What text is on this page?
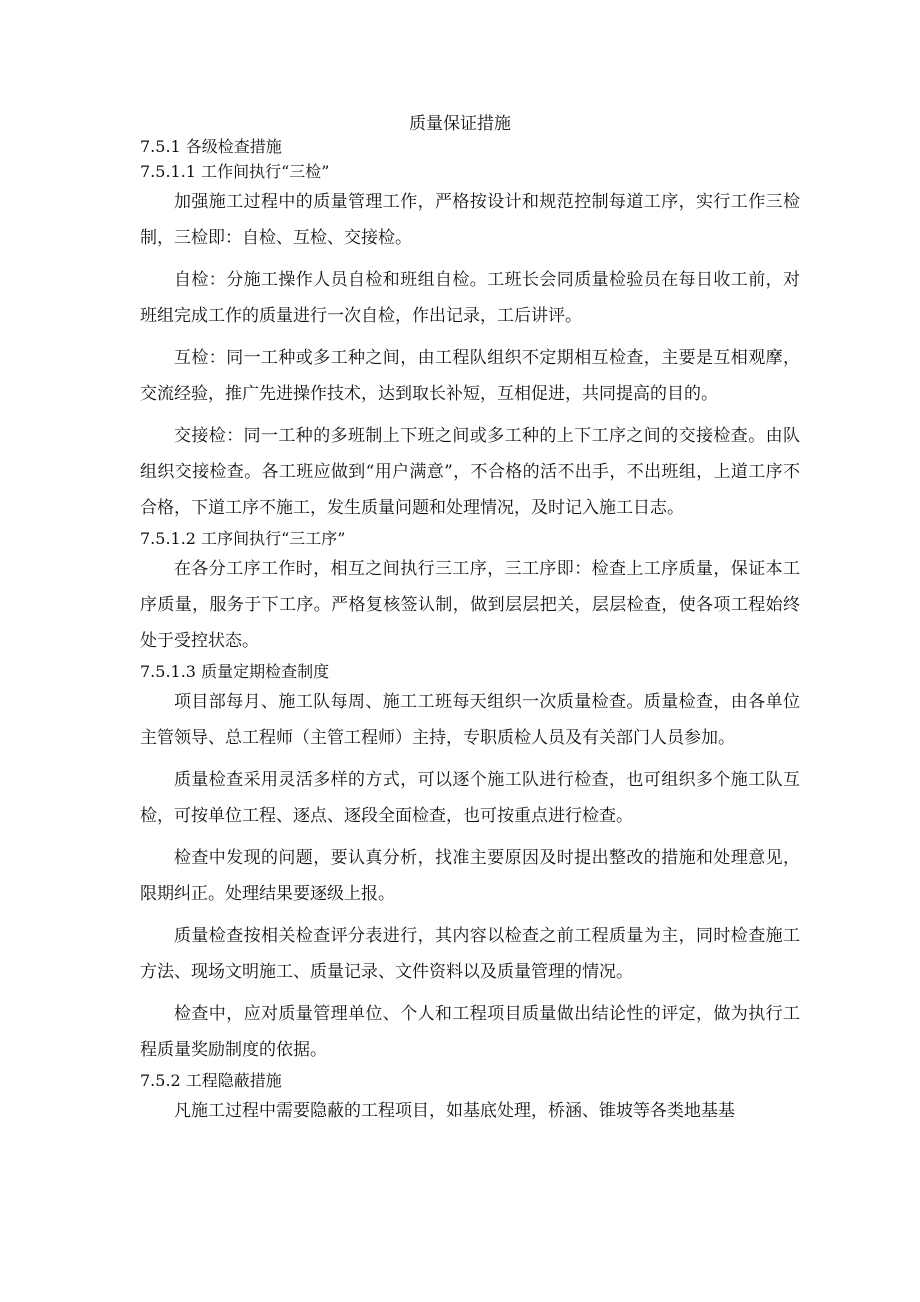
质量保证措施

7.5.1 各级检查措施

7.5.1.1 工作间执行“三检”

加强施工过程中的质量管理工作，严格按设计和规范控制每道工序，实行工作三检制，三检即：自检、互检、交接检。

自检：分施工操作人员自检和班组自检。工班长会同质量检验员在每日收工前，对班组完成工作的质量进行一次自检，作出记录，工后讲评。

互检：同一工种或多工种之间，由工程队组织不定期相互检查，主要是互相观摩，交流经验，推广先进操作技术，达到取长补短，互相促进，共同提高的目的。

交接检：同一工种的多班制上下班之间或多工种的上下工序之间的交接检查。由队组织交接检查。各工班应做到“用户满意”，不合格的活不出手，不出班组，上道工序不合格，下道工序不施工，发生质量问题和处理情况，及时记入施工日志。

7.5.1.2 工序间执行“三工序”

在各分工序工作时，相互之间执行三工序，三工序即：检查上工序质量，保证本工序质量，服务于下工序。严格复核签认制，做到层层把关，层层检查，使各项工程始终处于受控状态。

7.5.1.3 质量定期检查制度

项目部每月、施工队每周、施工工班每天组织一次质量检查。质量检查，由各单位主管领导、总工程师（主管工程师）主持，专职质检人员及有关部门人员参加。

质量检查采用灵活多样的方式，可以逐个施工队进行检查，也可组织多个施工队互检，可按单位工程、逐点、逐段全面检查，也可按重点进行检查。

检查中发现的问题，要认真分析，找准主要原因及时提出整改的措施和处理意见，限期纠正。处理结果要逐级上报。

质量检查按相关检查评分表进行，其内容以检查之前工程质量为主，同时检查施工方法、现场文明施工、质量记录、文件资料以及质量管理的情况。

检查中，应对质量管理单位、个人和工程项目质量做出结论性的评定，做为执行工程质量奖励制度的依据。

7.5.2 工程隐蔽措施

凡施工过程中需要隐蔽的工程项目，如基底处理，桥涵、锥坡等各类地基基
